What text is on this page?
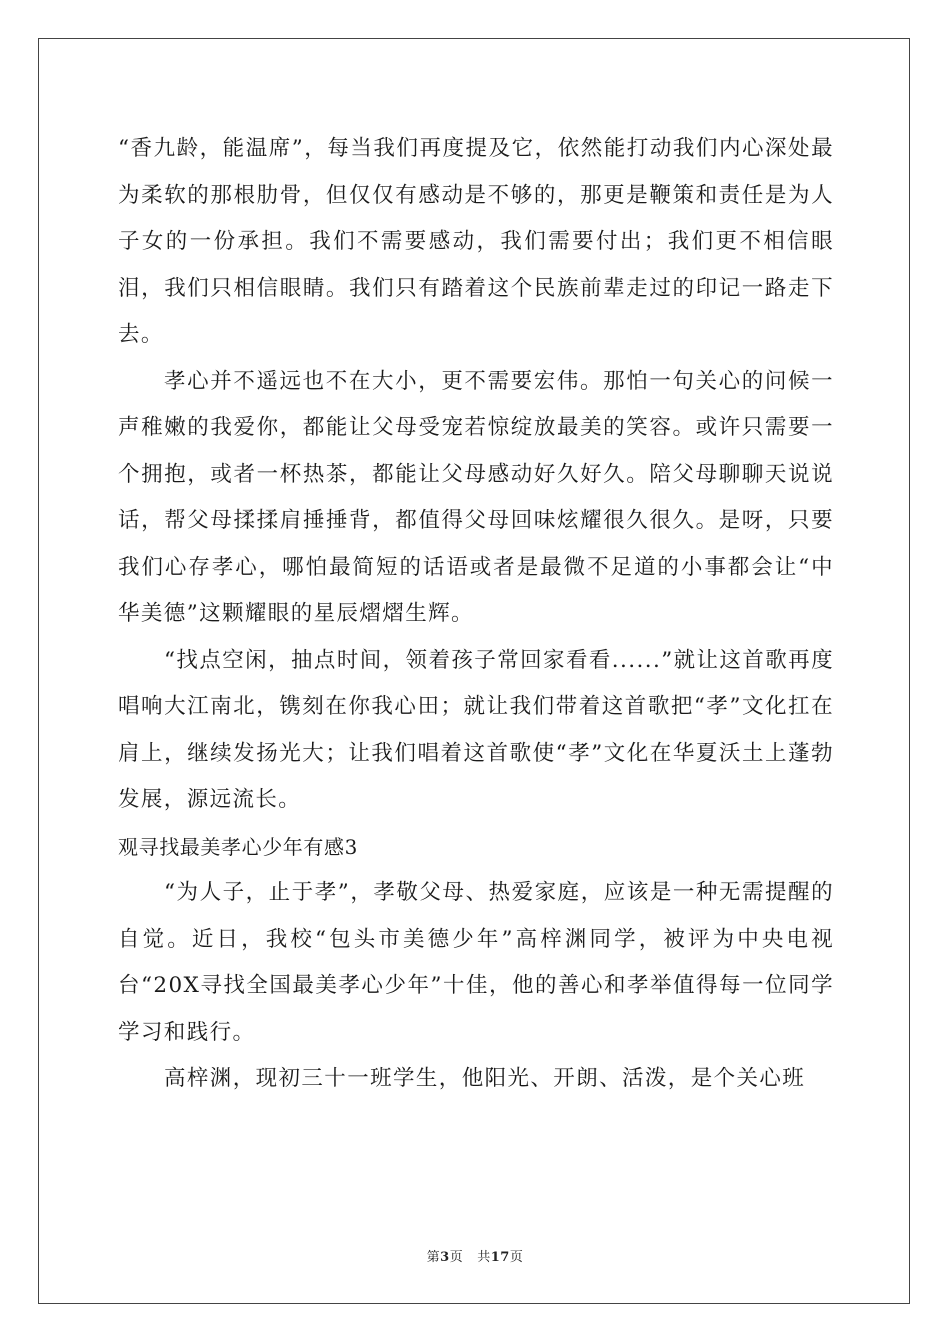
“香九龄，能温席”，每当我们再度提及它，依然能打动我们内心深处最为柔软的那根肋骨，但仅仅有感动是不够的，那更是鞭策和责任是为人子女的一份承担。我们不需要感动，我们需要付出；我们更不相信眼泪，我们只相信眼睛。我们只有踏着这个民族前辈走过的印记一路走下去。

孝心并不遥远也不在大小，更不需要宏伟。那怕一句关心的问候一声稚嫩的我爱你，都能让父母受宠若惊绽放最美的笑容。或许只需要一个拥抱，或者一杯热茶，都能让父母感动好久好久。陪父母聊聊天说说话，帮父母揉揉肩捶捶背，都值得父母回味炫耀很久很久。是呀，只要我们心存孝心，哪怕最简短的话语或者是最微不足道的小事都会让“中华美德”这颗耀眼的星辰熠熠生辉。

“找点空闲，抽点时间，领着孩子常回家看看......”就让这首歌再度唱响大江南北，镌刻在你我心田；就让我们带着这首歌把“孝”文化扛在肩上，继续发扬光大；让我们唱着这首歌使“孝”文化在华夏沃土上蓬勃发展，源远流长。

观寻找最美孝心少年有感3

“为人子，止于孝”，孝敬父母、热爱家庭，应该是一种无需提醒的自觉。近日，我校“包头市美德少年”高梓渊同学，被评为中央电视台“20X寻找全国最美孝心少年”十佳，他的善心和孝举值得每一位同学学习和践行。

高梓渊，现初三十一班学生，他阳光、开朗、活泼，是个关心班

第3页 共17页
